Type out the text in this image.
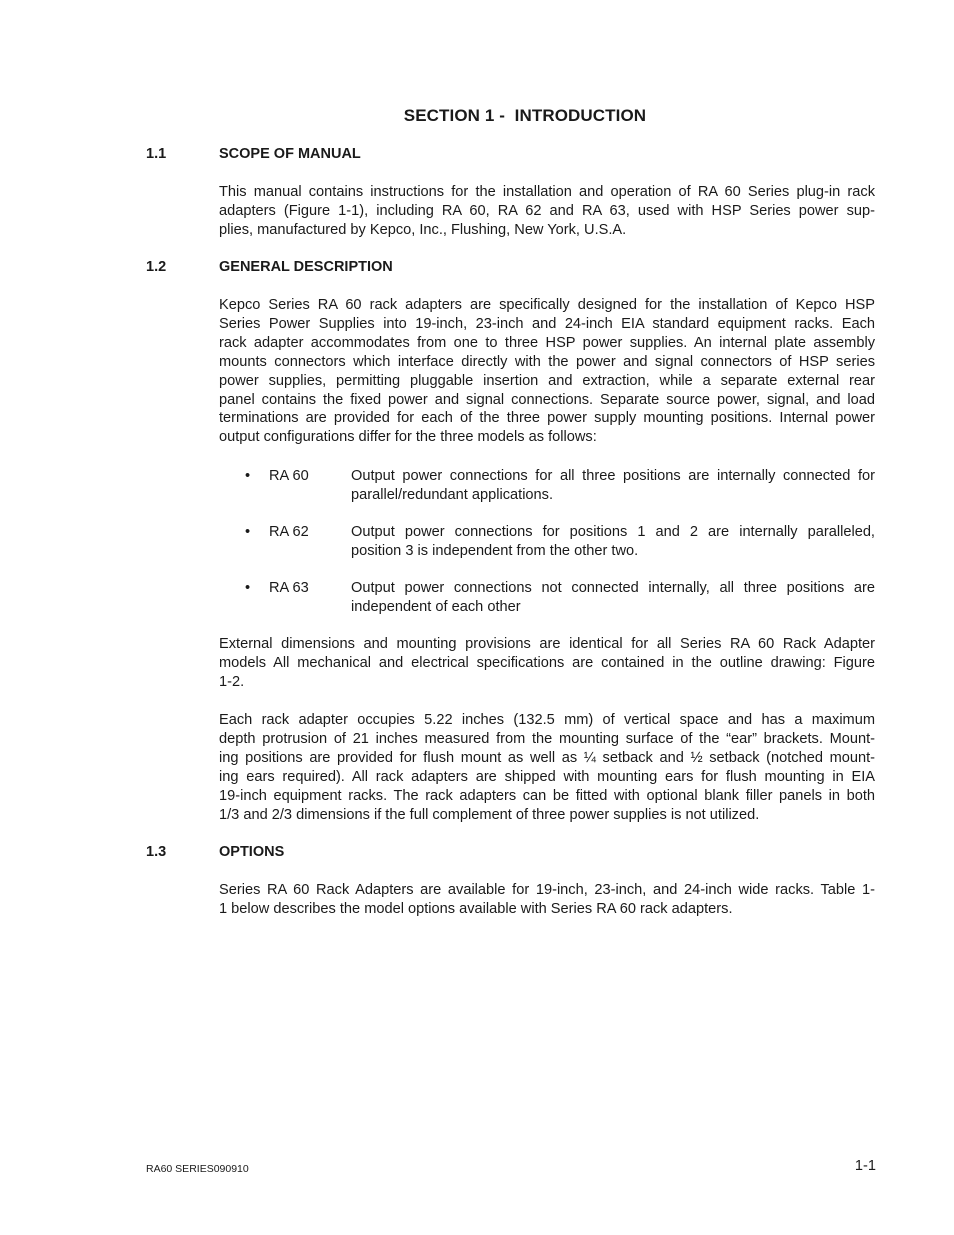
SECTION 1 -  INTRODUCTION
1.1	SCOPE OF MANUAL
This manual contains instructions for the installation and operation of RA 60 Series plug-in rack
adapters (Figure 1-1), including RA 60, RA 62 and RA 63, used with HSP Series power sup-
plies, manufactured by Kepco, Inc., Flushing, New York, U.S.A.
1.2	GENERAL DESCRIPTION
Kepco Series RA 60 rack adapters are specifically designed for the installation of Kepco HSP
Series Power Supplies into 19-inch, 23-inch and 24-inch EIA standard equipment racks. Each
rack adapter accommodates from one to three HSP power supplies. An internal plate assembly
mounts connectors which interface directly with the power and signal connectors of HSP series
power supplies, permitting pluggable insertion and extraction, while a separate external rear
panel contains the fixed power and signal connections. Separate source power, signal, and load
terminations are provided for each of the three power supply mounting positions. Internal power
output configurations differ for the three models as follows:
• RA 60	Output power connections for all three positions are internally connected for
parallel/redundant applications.
• RA 62	Output power connections for positions 1 and 2 are internally paralleled,
position 3 is independent from the other two.
• RA 63	Output power connections not connected internally, all three positions are
independent of each other
External dimensions and mounting provisions are identical for all Series RA 60 Rack Adapter
models All mechanical and electrical specifications are contained in the outline drawing: Figure
1-2.
Each rack adapter occupies 5.22 inches (132.5 mm) of vertical space and has a maximum
depth protrusion of 21 inches measured from the mounting surface of the “ear” brackets. Mount-
ing positions are provided for flush mount as well as ¼ setback and ½ setback (notched mount-
ing ears required). All rack adapters are shipped with mounting ears for flush mounting in EIA
19-inch equipment racks. The rack adapters can be fitted with optional blank filler panels in both
1/3 and 2/3 dimensions if the full complement of three power supplies is not utilized.
1.3	OPTIONS
Series RA 60 Rack Adapters are available for 19-inch, 23-inch, and 24-inch wide racks. Table 1-
1 below describes the model options available with Series RA 60 rack adapters.
RA60 SERIES090910	1-1
